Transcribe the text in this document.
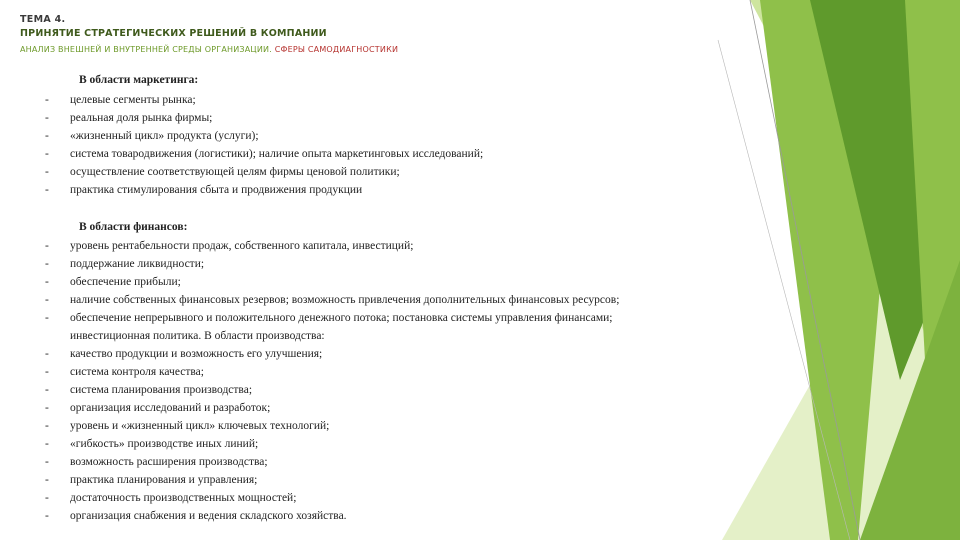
ТЕМА 4.

ПРИНЯТИЕ СТРАТЕГИЧЕСКИХ РЕШЕНИЙ В КОМПАНИИ

АНАЛИЗ ВНЕШНЕЙ И ВНУТРЕННЕЙ СРЕДЫ ОРГАНИЗАЦИИ. СФЕРЫ САМОДИАГНОСТИКИ

В области маркетинга:

-	целевые сегменты рынка;
-	реальная доля рынка фирмы;
-	«жизненный цикл» продукта (услуги);
-	система товародвижения (логистики); наличие опыта маркетинговых исследований;
-	осуществление соответствующей целям фирмы ценовой политики;
-	практика стимулирования сбыта и продвижения продукции

В области финансов:

-	уровень рентабельности продаж, собственного капитала, инвестиций;
-	поддержание ликвидности;
-	обеспечение прибыли;
-	наличие собственных финансовых резервов; возможность привлечения дополнительных финансовых ресурсов;
-	обеспечение непрерывного и положительного денежного потока; постановка системы управления финансами;
инвестиционная политика. В области производства:
-	качество продукции и возможность его улучшения;
-	система контроля качества;
-	система планирования производства;
-	организация исследований и разработок;
-	уровень и «жизненный цикл» ключевых технологий;
-	«гибкость» производстве иных линий;
-	возможность расширения производства;
-	практика планирования и управления;
-	достаточность производственных мощностей;
-	организация снабжения и ведения складского хозяйства.
